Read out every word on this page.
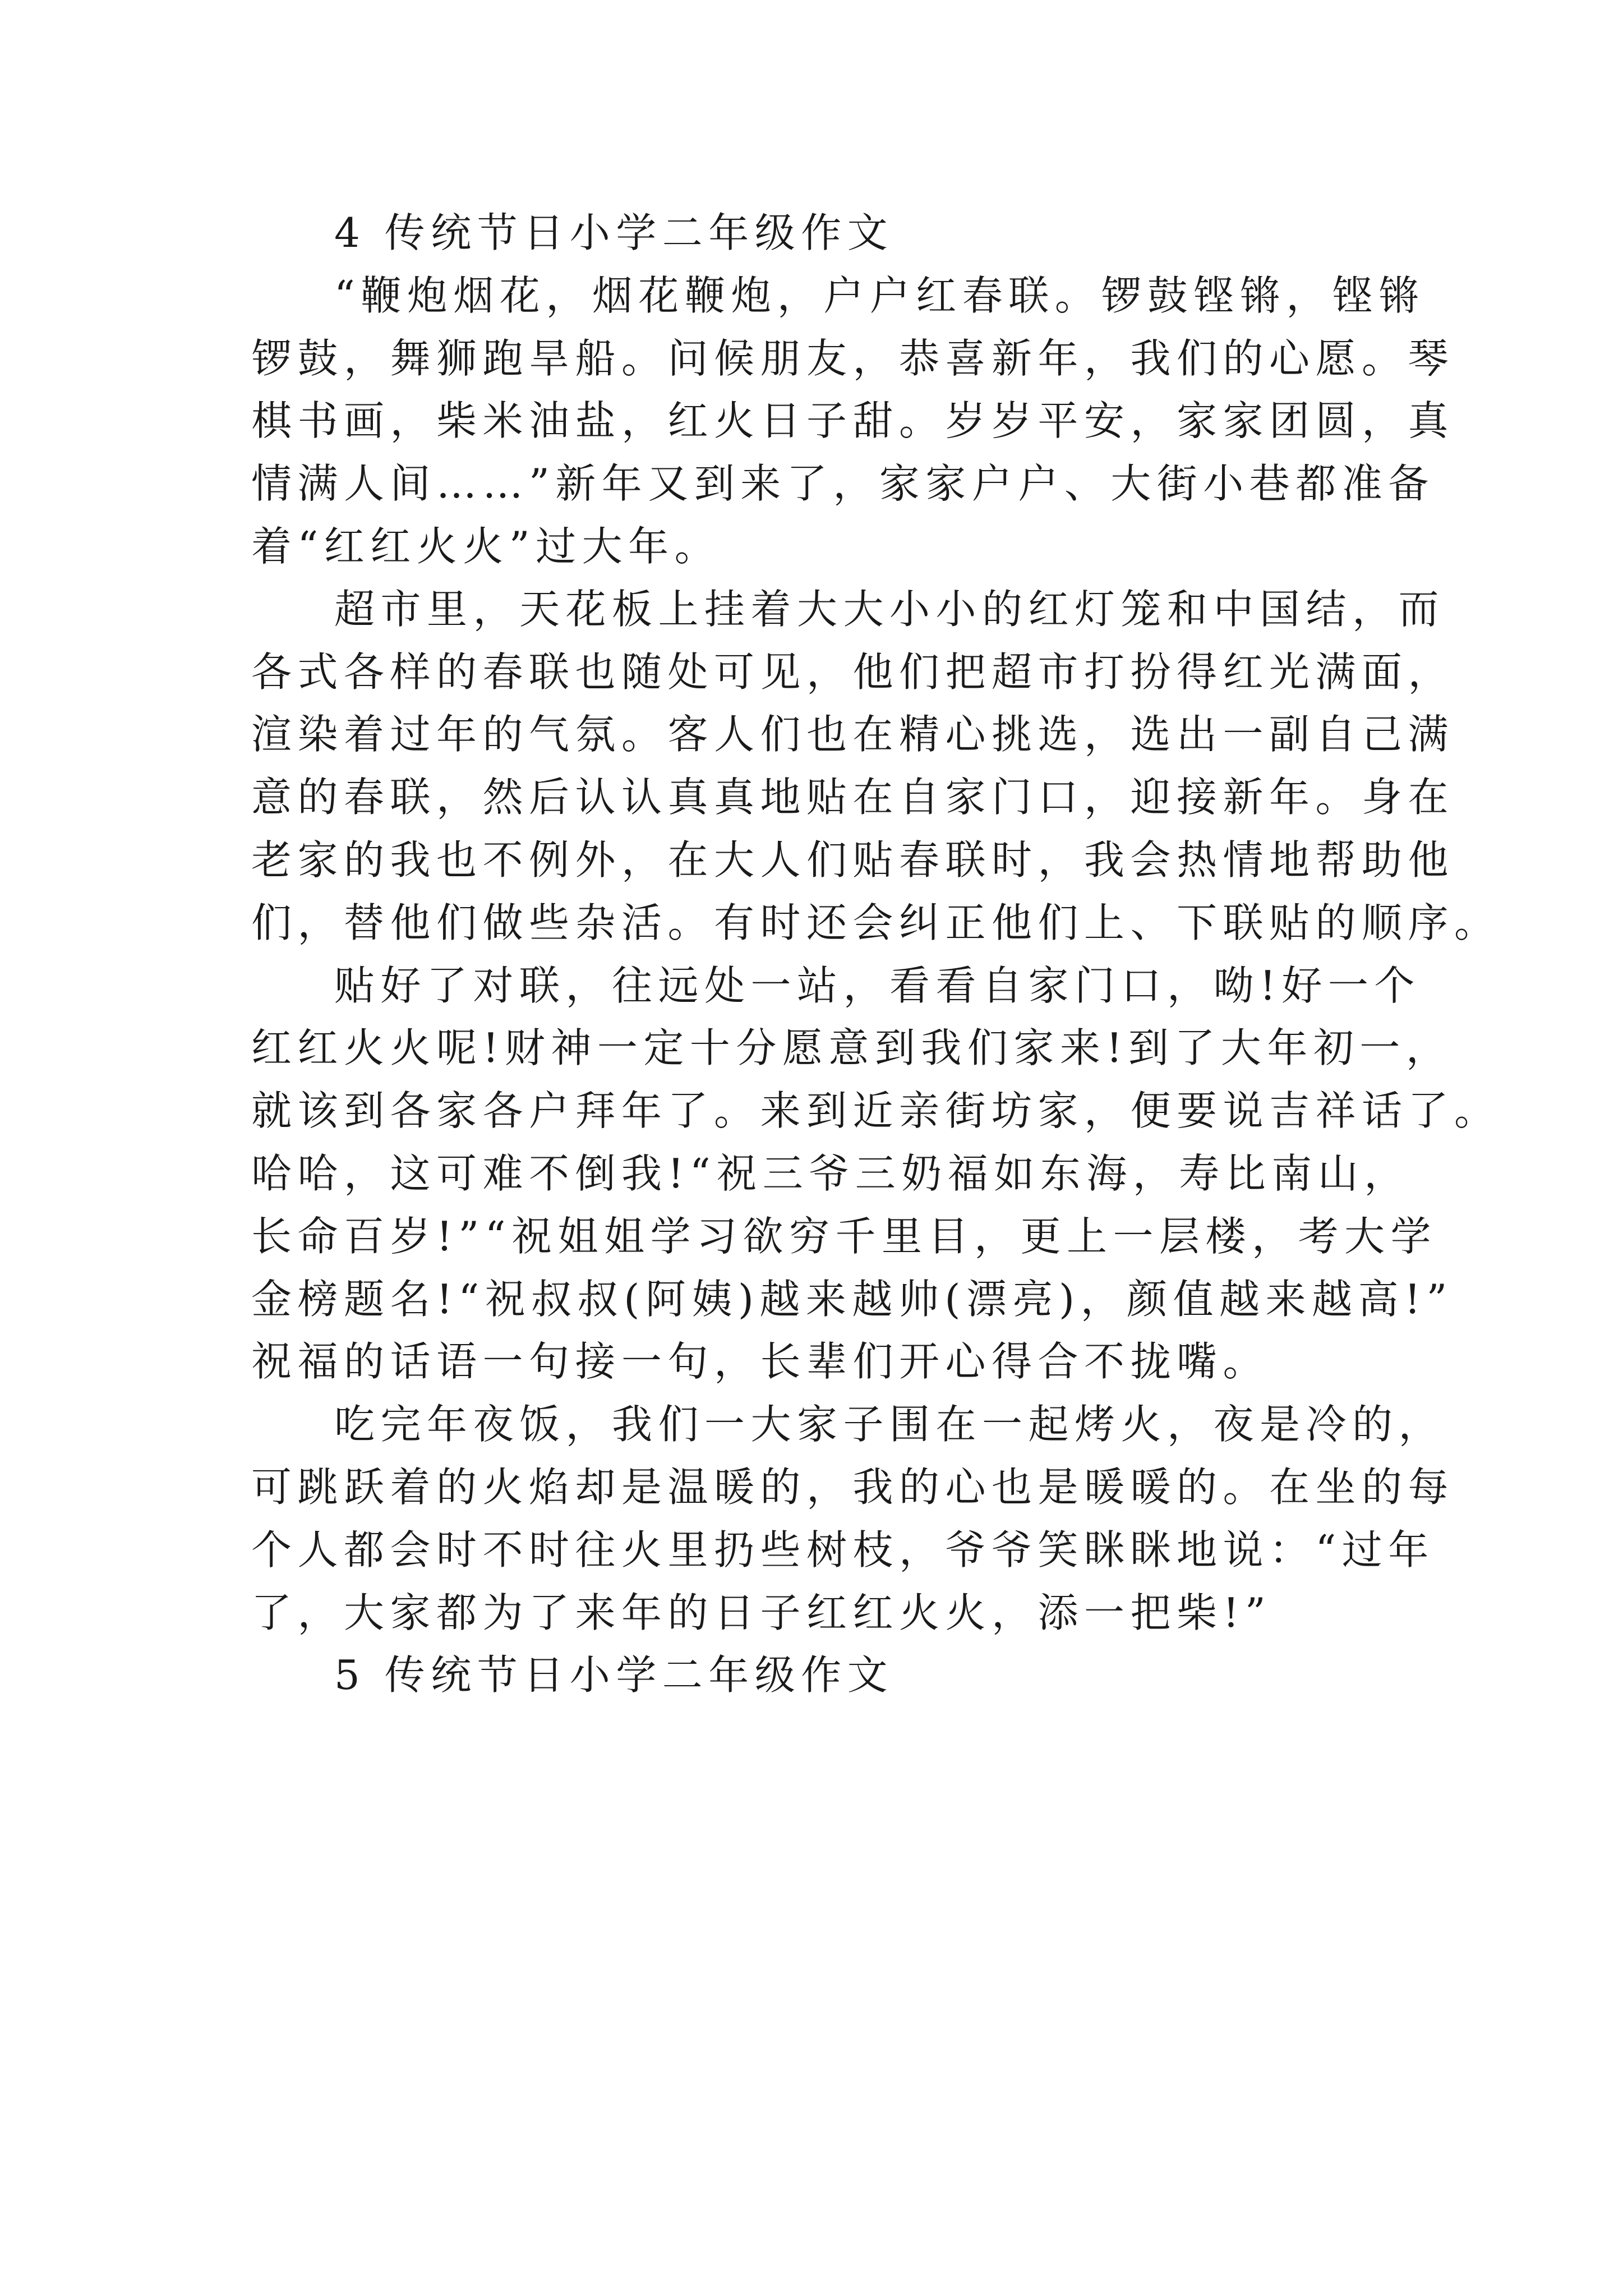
4 传统节日小学二年级作文
“鞭炮烟花，烟花鞭炮，户户红春联。锣鼓铿锵，铿锵
锣鼓，舞狮跑旱船。问候朋友，恭喜新年，我们的心愿。琴
棋书画，柴米油盐，红火日子甜。岁岁平安，家家团圆，真
情满人间……”新年又到来了，家家户户、大街小巷都准备
着“红红火火”过大年。
超市里，天花板上挂着大大小小的红灯笼和中国结，而
各式各样的春联也随处可见，他们把超市打扮得红光满面，
渲染着过年的气氛。客人们也在精心挑选，选出一副自己满
意的春联，然后认认真真地贴在自家门口，迎接新年。身在
老家的我也不例外，在大人们贴春联时，我会热情地帮助他
们，替他们做些杂活。有时还会纠正他们上、下联贴的顺序。
贴好了对联，往远处一站，看看自家门口，呦!好一个
红红火火呢!财神一定十分愿意到我们家来!到了大年初一，
就该到各家各户拜年了。来到近亲街坊家，便要说吉祥话了。
哈哈，这可难不倒我!“祝三爷三奶福如东海，寿比南山，
长命百岁!”“祝姐姐学习欲穷千里目，更上一层楼，考大学
金榜题名!“祝叔叔(阿姨)越来越帅(漂亮)，颜值越来越高!”
祝福的话语一句接一句，长辈们开心得合不拢嘴。
吃完年夜饭，我们一大家子围在一起烤火，夜是冷的，
可跳跃着的火焰却是温暖的，我的心也是暖暖的。在坐的每
个人都会时不时往火里扔些树枝，爷爷笑眯眯地说：“过年
了，大家都为了来年的日子红红火火，添一把柴!”
5 传统节日小学二年级作文
